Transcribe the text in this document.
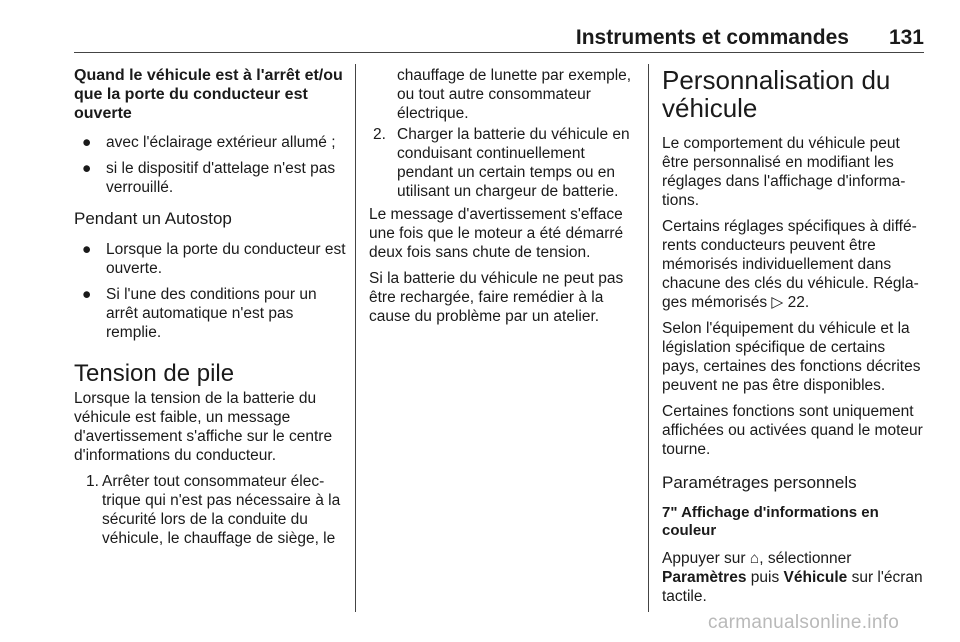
Instruments et commandes 131
Quand le véhicule est à l'arrêt et/ou que la porte du conducteur est ouverte
● avec l'éclairage extérieur allumé ;
● si le dispositif d'attelage n'est pas verrouillé.
Pendant un Autostop
● Lorsque la porte du conducteur est ouverte.
● Si l'une des conditions pour un arrêt automatique n'est pas remplie.
Tension de pile

Lorsque la tension de la batterie du véhicule est faible, un message d'avertissement s'affiche sur le centre d'informations du conducteur.

1. Arrêter tout consommateur élec-trique qui n'est pas nécessaire à la sécurité lors de la conduite du véhicule, le chauffage de siège, le
chauffage de lunette par exemple, ou tout autre consommateur électrique.
2. Charger la batterie du véhicule en conduisant continuellement pendant un certain temps ou en utilisant un chargeur de batterie.

Le message d'avertissement s'efface une fois que le moteur a été démarré deux fois sans chute de tension.

Si la batterie du véhicule ne peut pas être rechargée, faire remédier à la cause du problème par un atelier.

Personnalisation du véhicule

Le comportement du véhicule peut être personnalisé en modifiant les réglages dans l'affichage d'informa-tions.

Certains réglages spécifiques à diffé-rents conducteurs peuvent être mémorisés individuellement dans chacune des clés du véhicule. Régla-ges mémorisés ▷ 22.

Selon l'équipement du véhicule et la législation spécifique de certains pays, certaines des fonctions décrites peuvent ne pas être disponibles.

Certaines fonctions sont uniquement affichées ou activées quand le moteur tourne.

Paramétrages personnels
7" Affichage d'informations en couleur

Appuyer sur ⌂, sélectionner
Paramètres puis Véhicule sur l'écran tactile.

carmanualsonline.info
